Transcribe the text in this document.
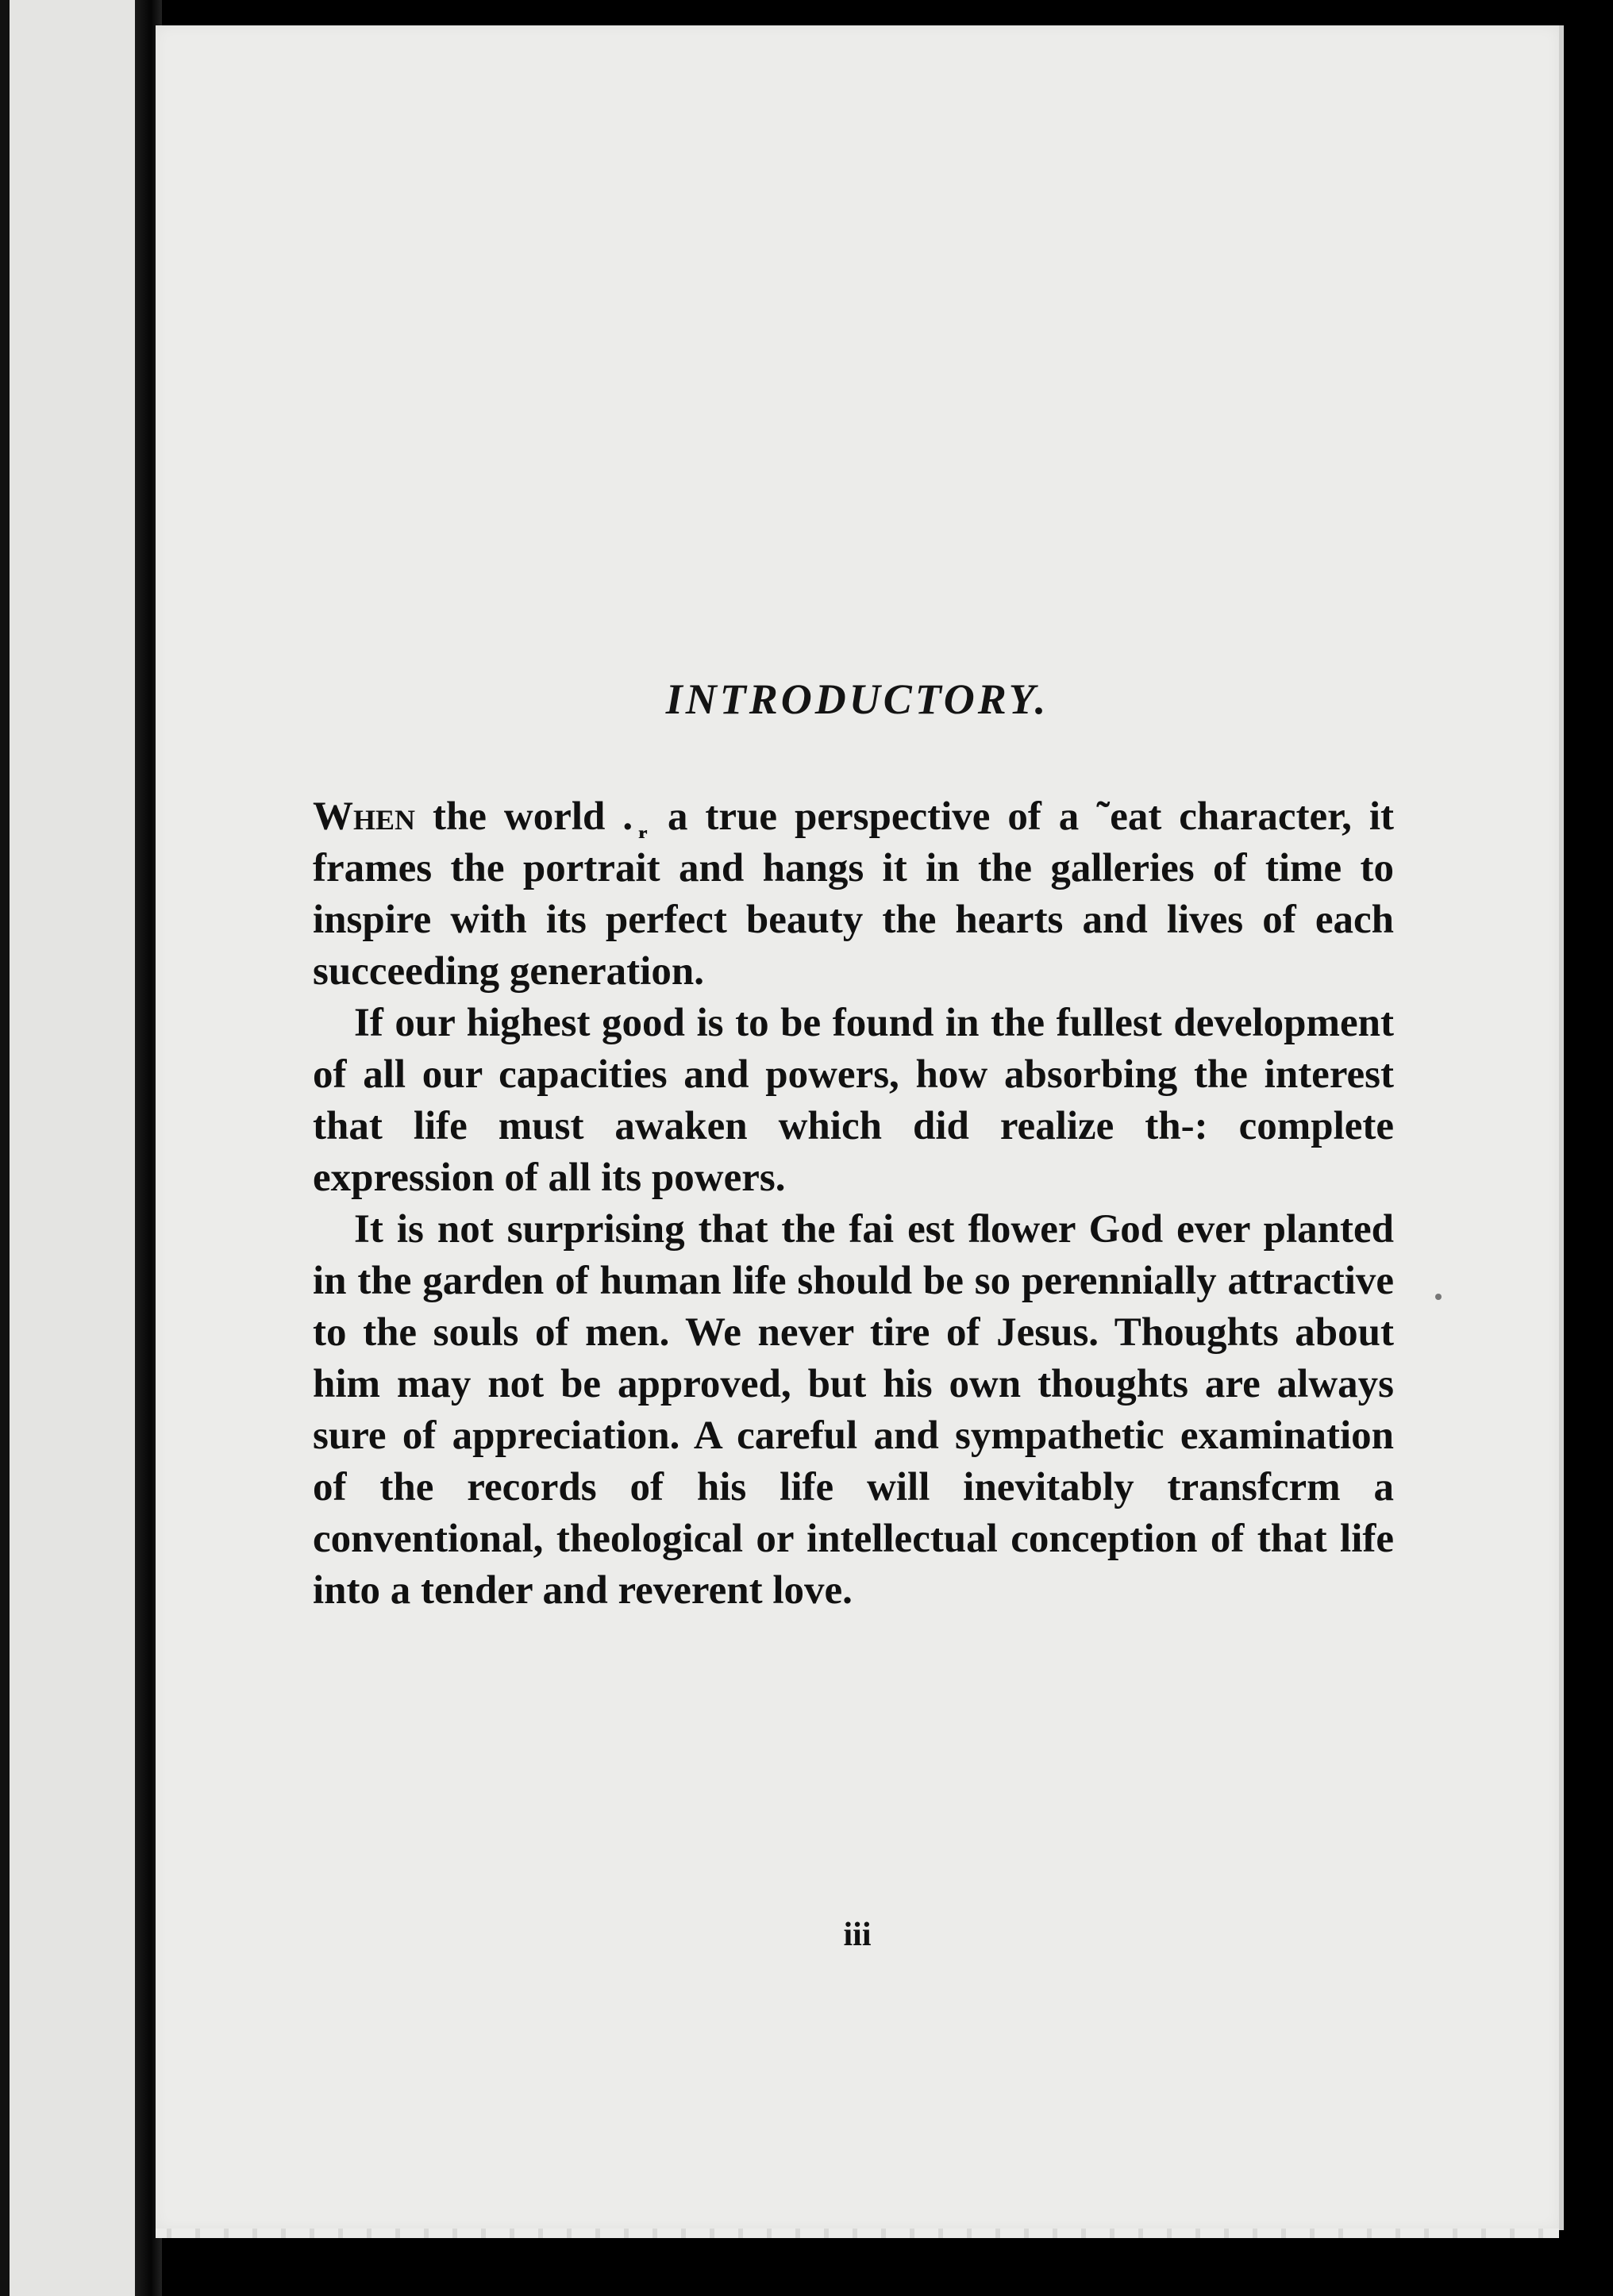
INTRODUCTORY.

When the world . ᷊ a true perspective of a ˜eat character, it frames the portrait and hangs it in the galleries of time to inspire with its perfect beauty the hearts and lives of each succeeding generation.

If our highest good is to be found in the fullest development of all our capacities and powers, how absorbing the interest that life must awaken which did realize th-: complete expression of all its powers.

It is not surprising that the fai est ﬂower God ever planted in the garden of human life should be so perennially attractive to the souls of men. We never tire of Jesus. Thoughts about him may not be approved, but his own thoughts are always sure of appreciation. A careful and sympathetic examination of the records of his life will inevitably transfcrm a conventional, theological or intellectual conception of that life into a tender and reverent love.

iii
